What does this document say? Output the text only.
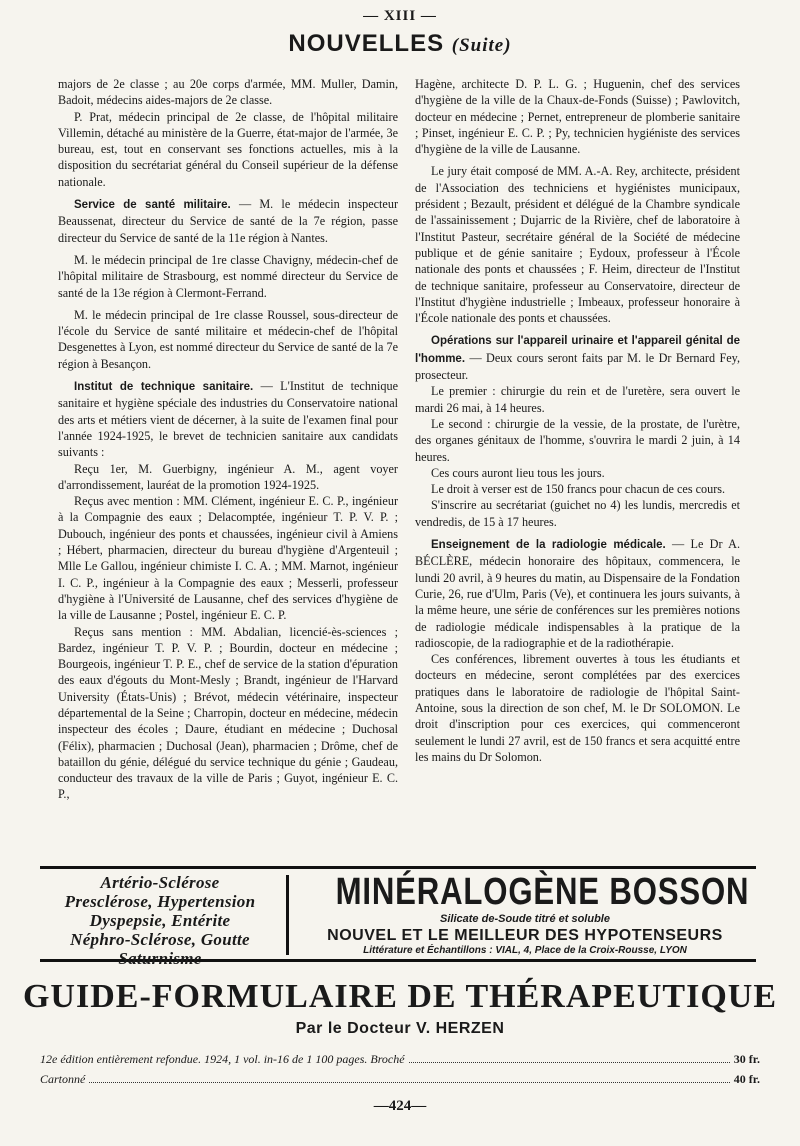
— XIII —
NOUVELLES (Suite)

majors de 2e classe ; au 20e corps d'armée, MM. Muller, Damin, Badoit, médecins aides-majors de 2e classe.

P. Prat, médecin principal de 2e classe, de l'hôpital militaire Villemin, détaché au ministère de la Guerre, état-major de l'armée, 3e bureau, est, tout en conservant ses fonctions actuelles, mis à la disposition du secrétariat général du Conseil supérieur de la défense nationale.

Service de santé militaire. — M. le médecin inspecteur Beaussenat, directeur du Service de santé de la 7e région, passe directeur du Service de santé de la 11e région à Nantes.

M. le médecin principal de 1re classe Chavigny, médecin-chef de l'hôpital militaire de Strasbourg, est nommé directeur du Service de santé de la 13e région à Clermont-Ferrand.

M. le médecin principal de 1re classe Roussel, sous-directeur de l'école du Service de santé militaire et médecin-chef de l'hôpital Desgenettes à Lyon, est nommé directeur du Service de santé de la 7e région à Besançon.

Institut de technique sanitaire. — L'Institut de technique sanitaire et hygiène spéciale des industries du Conservatoire national des arts et métiers vient de décerner, à la suite de l'examen final pour l'année 1924-1925, le brevet de technicien sanitaire aux candidats suivants :

Reçu 1er, M. Guerbigny, ingénieur A. M., agent voyer d'arrondissement, lauréat de la promotion 1924-1925.

Reçus avec mention : MM. Clément, ingénieur E. C. P., ingénieur à la Compagnie des eaux ; Delacomptée, ingénieur T. P. V. P. ; Dubouch, ingénieur des ponts et chaussées, ingénieur civil à Amiens ; Hébert, pharmacien, directeur du bureau d'hygiène d'Argenteuil ; Mlle Le Gallou, ingénieur chimiste I. C. A. ; MM. Marnot, ingénieur I. C. P., ingénieur à la Compagnie des eaux ; Messerli, professeur d'hygiène à l'Université de Lausanne, chef des services d'hygiène de la ville de Lausanne ; Postel, ingénieur E. C. P.

Reçus sans mention : MM. Abdalian, licencié-ès-sciences ; Bardez, ingénieur T. P. V. P. ; Bourdin, docteur en médecine ; Bourgeois, ingénieur T. P. E., chef de service de la station d'épuration des eaux d'égouts du Mont-Mesly ; Brandt, ingénieur de l'Harvard University (États-Unis) ; Brévot, médecin vétérinaire, inspecteur départemental de la Seine ; Charropin, docteur en médecine, médecin inspecteur des écoles ; Daure, étudiant en médecine ; Duchosal (Félix), pharmacien ; Duchosal (Jean), pharmacien ; Drôme, chef de bataillon du génie, délégué du service technique du génie ; Gaudeau, conducteur des travaux de la ville de Paris ; Guyot, ingénieur E. C. P.,

Hagène, architecte D. P. L. G. ; Huguenin, chef des services d'hygiène de la ville de la Chaux-de-Fonds (Suisse) ; Pawlovitch, docteur en médecine ; Pernet, entrepreneur de plomberie sanitaire ; Pinset, ingénieur E. C. P. ; Py, technicien hygiéniste des services d'hygiène de la ville de Lausanne.

Le jury était composé de MM. A.-A. Rey, architecte, président de l'Association des techniciens et hygiénistes municipaux, président ; Bezault, président et délégué de la Chambre syndicale de l'assainissement ; Dujarric de la Rivière, chef de laboratoire à l'Institut Pasteur, secrétaire général de la Société de médecine publique et de génie sanitaire ; Eydoux, professeur à l'École nationale des ponts et chaussées ; F. Heim, directeur de l'Institut de technique sanitaire, professeur au Conservatoire, directeur de l'Institut d'hygiène industrielle ; Imbeaux, professeur honoraire à l'École nationale des ponts et chaussées.

Opérations sur l'appareil urinaire et l'appareil génital de l'homme. — Deux cours seront faits par M. le Dr Bernard Fey, prosecteur.

Le premier : chirurgie du rein et de l'uretère, sera ouvert le mardi 26 mai, à 14 heures.

Le second : chirurgie de la vessie, de la prostate, de l'urètre, des organes génitaux de l'homme, s'ouvrira le mardi 2 juin, à 14 heures.

Ces cours auront lieu tous les jours.

Le droit à verser est de 150 francs pour chacun de ces cours.

S'inscrire au secrétariat (guichet no 4) les lundis, mercredis et vendredis, de 15 à 17 heures.

Enseignement de la radiologie médicale. — Le Dr A. BÉCLÈRE, médecin honoraire des hôpitaux, commencera, le lundi 20 avril, à 9 heures du matin, au Dispensaire de la Fondation Curie, 26, rue d'Ulm, Paris (Ve), et continuera les jours suivants, à la même heure, une série de conférences sur les premières notions de radiologie médicale indispensables à la pratique de la radioscopie, de la radiographie et de la radiothérapie.

Ces conférences, librement ouvertes à tous les étudiants et docteurs en médecine, seront complétées par des exercices pratiques dans le laboratoire de radiologie de l'hôpital Saint-Antoine, sous la direction de son chef, M. le Dr SOLOMON. Le droit d'inscription pour ces exercices, qui commenceront seulement le lundi 27 avril, est de 150 francs et sera acquitté entre les mains du Dr Solomon.

Artério-Sclérose
Presclérose, Hypertension
Dyspepsie, Entérite
Néphro-Sclérose, Goutte
Saturnisme
MINÉRALOGÈNE BOSSON
Silicate de-Soude titré et soluble
NOUVEL ET LE MEILLEUR DES HYPOTENSEURS
Littérature et Échantillons : VIAL, 4, Place de la Croix-Rousse, LYON
GUIDE-FORMULAIRE DE THÉRAPEUTIQUE
Par le Docteur V. HERZEN
12e édition entièrement refondue. 1924, 1 vol. in-16 de 1 100 pages. Broché	30 fr.
Cartonné	40 fr.
—424—
